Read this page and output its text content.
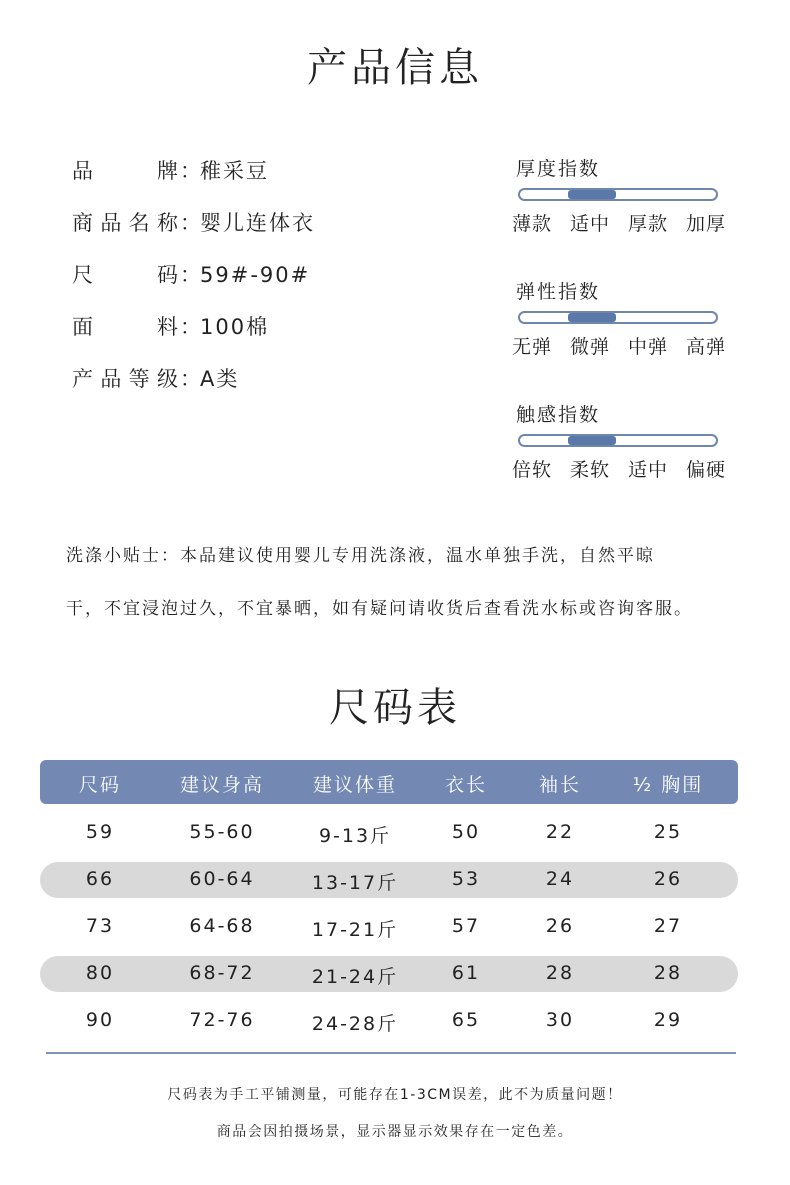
产品信息
洗涤小贴士：本品建议使用婴儿专用洗涤液，温水单独手洗，自然平晾
干，不宜浸泡过久，不宜暴晒，如有疑问请收货后查看洗水标或咨询客服。
尺码表
尺码	建议身高	建议体重	衣长	袖长	½ 胸围
59	55-60	9-13斤	50	22	25
66	60-64	13-17斤	53	24	26
73	64-68	17-21斤	57	26	27
80	68-72	21-24斤	61	28	28
90	72-76	24-28斤	65	30	29
尺码表为手工平铺测量，可能存在1-3CM误差，此不为质量问题！
商品会因拍摄场景，显示器显示效果存在一定色差。
品牌：稚采豆
商品名称：婴儿连体衣
尺码：59#-90#
面料：100棉
产品等级：A类
厚度指数
薄款 适中 厚款 加厚
弹性指数
无弹 微弹 中弹 高弹
触感指数
倍软 柔软 适中 偏硬
